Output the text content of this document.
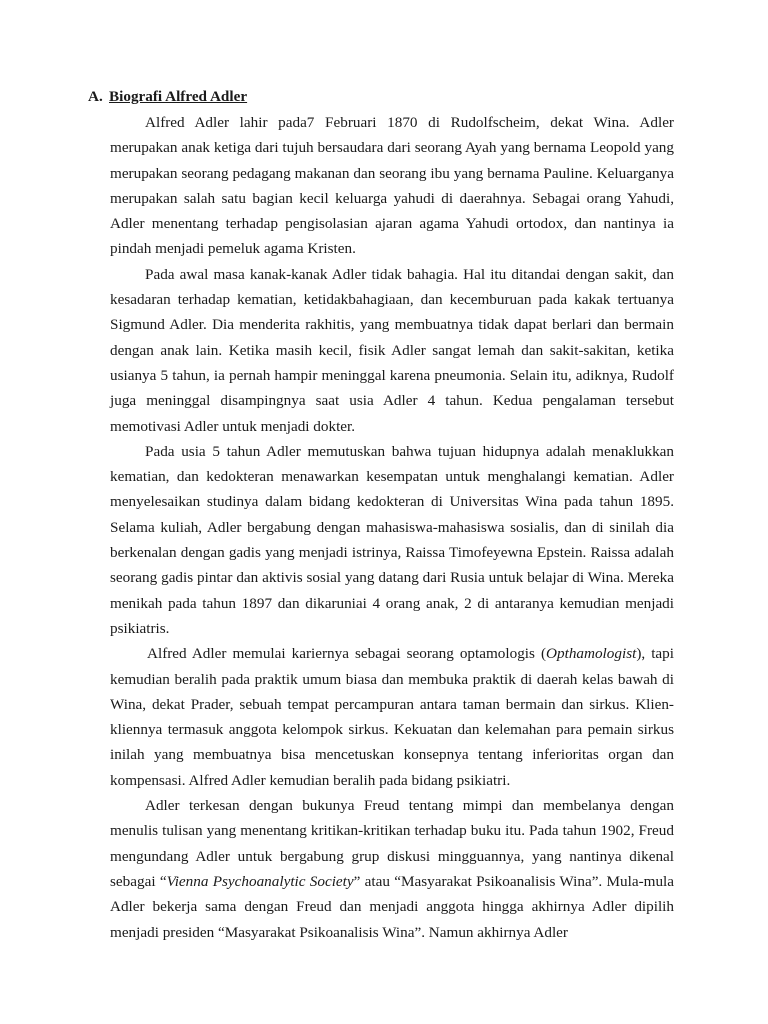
A. Biografi Alfred Adler

Alfred Adler lahir pada7 Februari 1870 di Rudolfscheim, dekat Wina. Adler merupakan anak ketiga dari tujuh bersaudara dari seorang Ayah yang bernama Leopold yang merupakan seorang pedagang makanan dan seorang ibu yang bernama Pauline. Keluarganya merupakan salah satu bagian kecil keluarga yahudi di daerahnya. Sebagai orang Yahudi, Adler menentang terhadap pengisolasian ajaran agama Yahudi ortodox, dan nantinya ia pindah menjadi pemeluk agama Kristen.

Pada awal masa kanak-kanak Adler tidak bahagia. Hal itu ditandai dengan sakit, dan kesadaran terhadap kematian, ketidakbahagiaan, dan kecemburuan pada kakak tertuanya Sigmund Adler. Dia menderita rakhitis, yang membuatnya tidak dapat berlari dan bermain dengan anak lain. Ketika masih kecil, fisik Adler sangat lemah dan sakit-sakitan, ketika usianya 5 tahun, ia pernah hampir meninggal karena pneumonia. Selain itu, adiknya, Rudolf juga meninggal disampingnya saat usia Adler 4 tahun. Kedua pengalaman tersebut memotivasi Adler untuk menjadi dokter.

Pada usia 5 tahun Adler memutuskan bahwa tujuan hidupnya adalah menaklukkan kematian, dan kedokteran menawarkan kesempatan untuk menghalangi kematian. Adler menyelesaikan studinya dalam bidang kedokteran di Universitas Wina pada tahun 1895. Selama kuliah, Adler bergabung dengan mahasiswa-mahasiswa sosialis, dan di sinilah dia berkenalan dengan gadis yang menjadi istrinya, Raissa Timofeyewna Epstein. Raissa adalah seorang gadis pintar dan aktivis sosial yang datang dari Rusia untuk belajar di Wina. Mereka menikah pada tahun 1897 dan dikaruniai 4 orang anak, 2 di antaranya kemudian menjadi psikiatris.

Alfred Adler memulai kariernya sebagai seorang optamologis (Opthamologist), tapi kemudian beralih pada praktik umum biasa dan membuka praktik di daerah kelas bawah di Wina, dekat Prader, sebuah tempat percampuran antara taman bermain dan sirkus. Klien-kliennya termasuk anggota kelompok sirkus. Kekuatan dan kelemahan para pemain sirkus inilah yang membuatnya bisa mencetuskan konsepnya tentang inferioritas organ dan kompensasi. Alfred Adler kemudian beralih pada bidang psikiatri.

Adler terkesan dengan bukunya Freud tentang mimpi dan membelanya dengan menulis tulisan yang menentang kritikan-kritikan terhadap buku itu. Pada tahun 1902, Freud mengundang Adler untuk bergabung grup diskusi mingguannya, yang nantinya dikenal sebagai “Vienna Psychoanalytic Society” atau “Masyarakat Psikoanalisis Wina”. Mula-mula Adler bekerja sama dengan Freud dan menjadi anggota hingga akhirnya Adler dipilih menjadi presiden “Masyarakat Psikoanalisis Wina”. Namun akhirnya Adler
